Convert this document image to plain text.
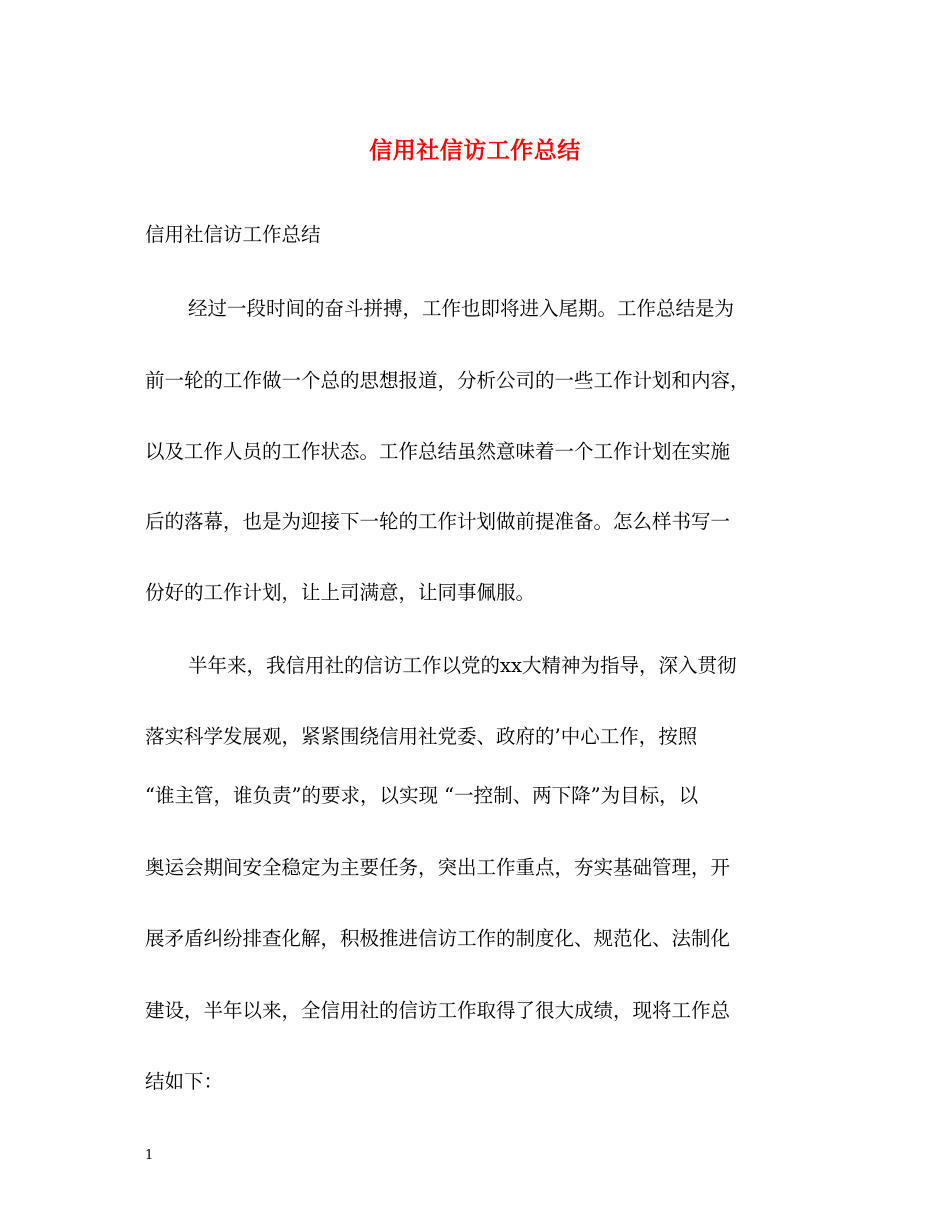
信用社信访工作总结
信用社信访工作总结
经过一段时间的奋斗拼搏，工作也即将进入尾期。工作总结是为
前一轮的工作做一个总的思想报道，分析公司的一些工作计划和内容，
以及工作人员的工作状态。工作总结虽然意味着一个工作计划在实施
后的落幕，也是为迎接下一轮的工作计划做前提准备。怎么样书写一
份好的工作计划，让上司满意，让同事佩服。
半年来，我信用社的信访工作以党的xx大精神为指导，深入贯彻
落实科学发展观，紧紧围绕信用社党委、政府的’中心工作，按照
“谁主管，谁负责”的要求，以实现 “一控制、两下降”为目标，以
奥运会期间安全稳定为主要任务，突出工作重点，夯实基础管理，开
展矛盾纠纷排查化解，积极推进信访工作的制度化、规范化、法制化
建设，半年以来，全信用社的信访工作取得了很大成绩，现将工作总
结如下：
1
